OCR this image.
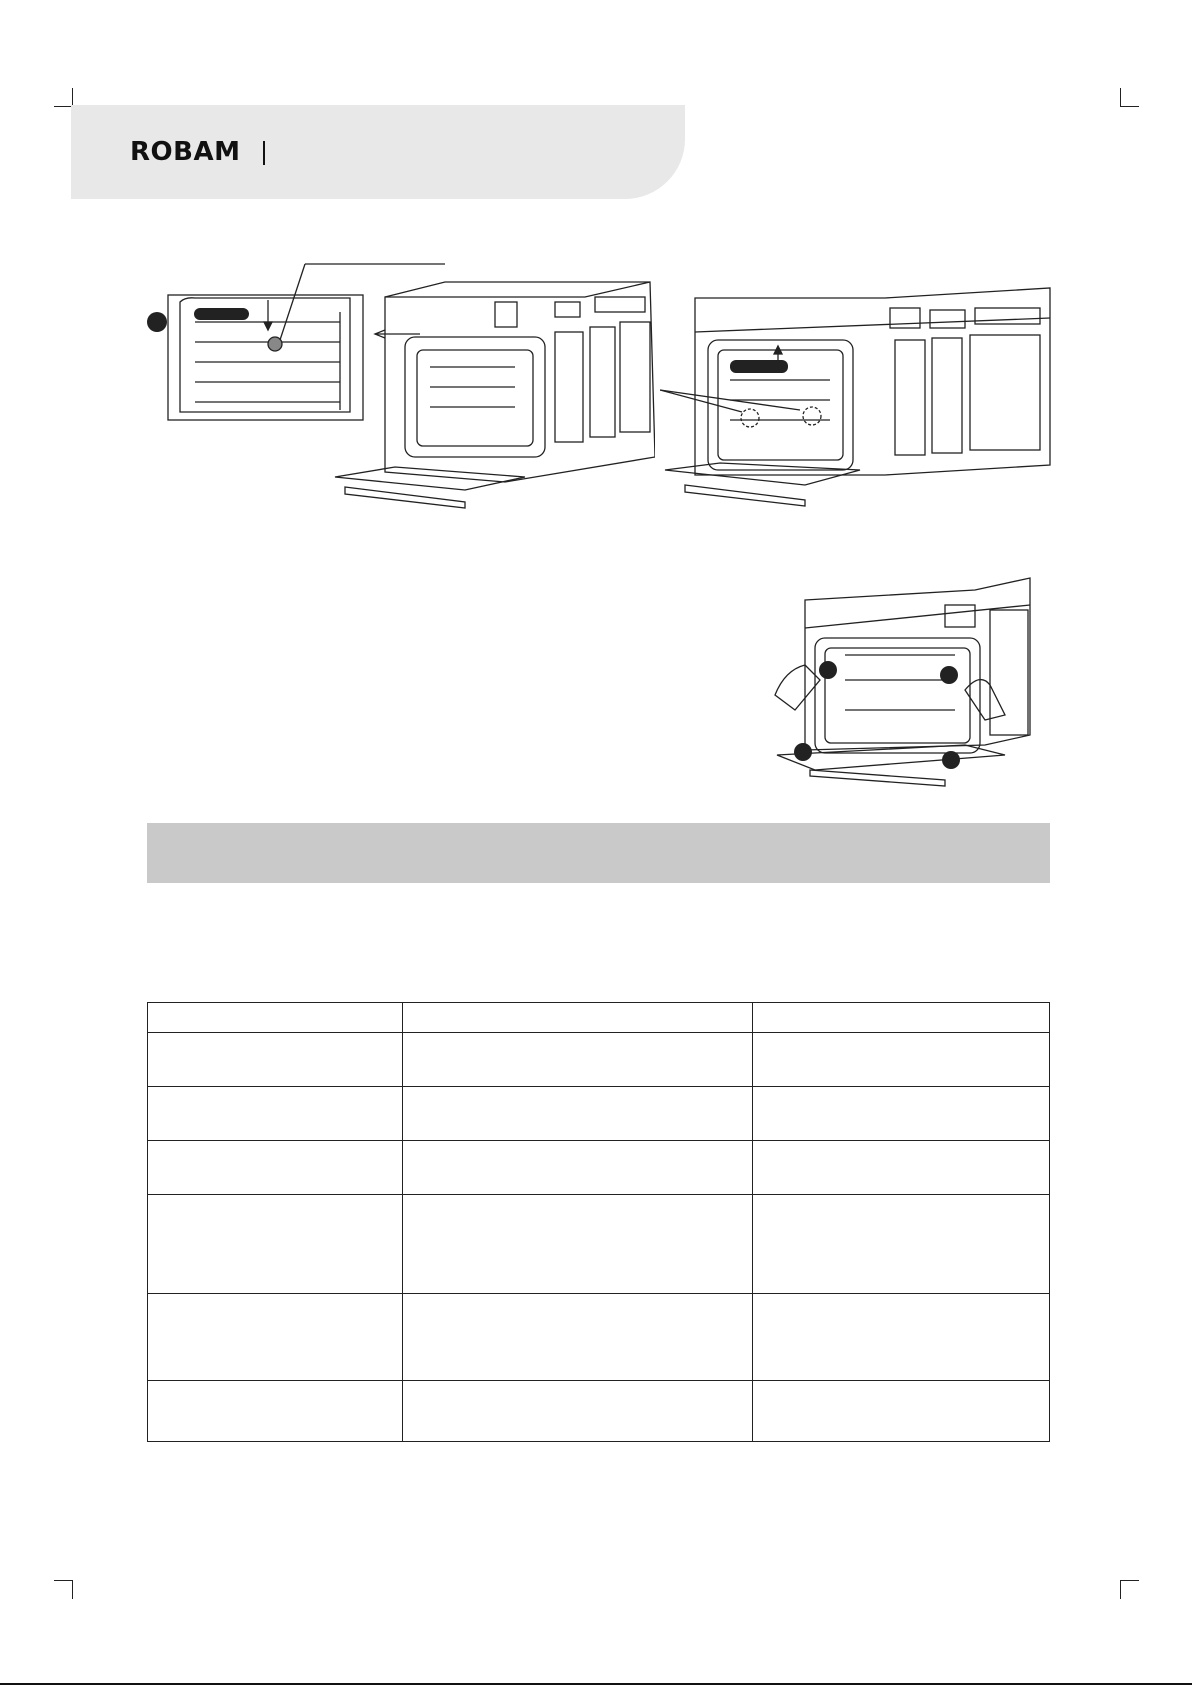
ROBAM
